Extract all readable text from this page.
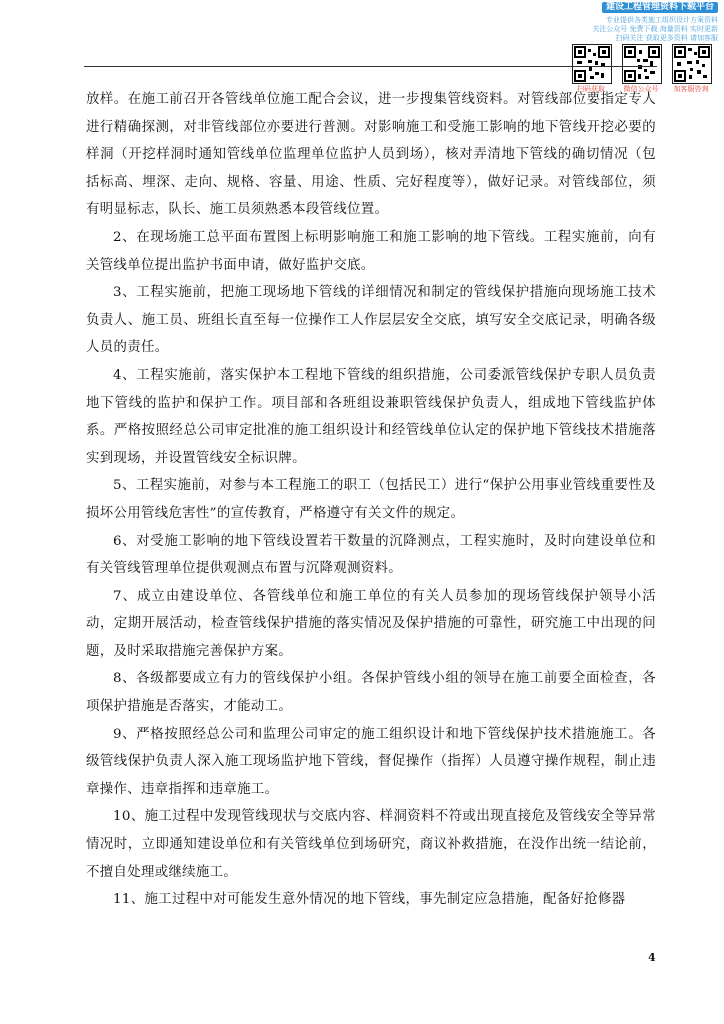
建设工程管理资料下载平台
专业提供各类施工组织设计方案资料
关注公众号 免费下载 海量资料 实时更新
扫码关注 获取更多资料 请加客服
扫码获取	微信公众号	加客服咨询

放样。在施工前召开各管线单位施工配合会议，进一步搜集管线资料。对管线部位要指定专人进行精确探测，对非管线部位亦要进行普测。对影响施工和受施工影响的地下管线开挖必要的样洞（开挖样洞时通知管线单位监理单位监护人员到场），核对弄清地下管线的确切情况（包括标高、埋深、走向、规格、容量、用途、性质、完好程度等），做好记录。对管线部位，须有明显标志，队长、施工员须熟悉本段管线位置。

2、在现场施工总平面布置图上标明影响施工和施工影响的地下管线。工程实施前，向有关管线单位提出监护书面申请，做好监护交底。

3、工程实施前，把施工现场地下管线的详细情况和制定的管线保护措施向现场施工技术负责人、施工员、班组长直至每一位操作工人作层层安全交底，填写安全交底记录，明确各级人员的责任。

4、工程实施前，落实保护本工程地下管线的组织措施，公司委派管线保护专职人员负责地下管线的监护和保护工作。项目部和各班组设兼职管线保护负责人，组成地下管线监护体系。严格按照经总公司审定批准的施工组织设计和经管线单位认定的保护地下管线技术措施落实到现场，并设置管线安全标识牌。

5、工程实施前，对参与本工程施工的职工（包括民工）进行“保护公用事业管线重要性及损坏公用管线危害性”的宣传教育，严格遵守有关文件的规定。

6、对受施工影响的地下管线设置若干数量的沉降测点，工程实施时，及时向建设单位和有关管线管理单位提供观测点布置与沉降观测资料。

7、成立由建设单位、各管线单位和施工单位的有关人员参加的现场管线保护领导小活动，定期开展活动，检查管线保护措施的落实情况及保护措施的可靠性，研究施工中出现的问题，及时采取措施完善保护方案。

8、各级都要成立有力的管线保护小组。各保护管线小组的领导在施工前要全面检查，各项保护措施是否落实，才能动工。

9、严格按照经总公司和监理公司审定的施工组织设计和地下管线保护技术措施施工。各级管线保护负责人深入施工现场监护地下管线，督促操作（指挥）人员遵守操作规程，制止违章操作、违章指挥和违章施工。

10、施工过程中发现管线现状与交底内容、样洞资料不符或出现直接危及管线安全等异常情况时，立即通知建设单位和有关管线单位到场研究，商议补救措施，在没作出统一结论前，不擅自处理或继续施工。

11、施工过程中对可能发生意外情况的地下管线，事先制定应急措施，配备好抢修器

4
